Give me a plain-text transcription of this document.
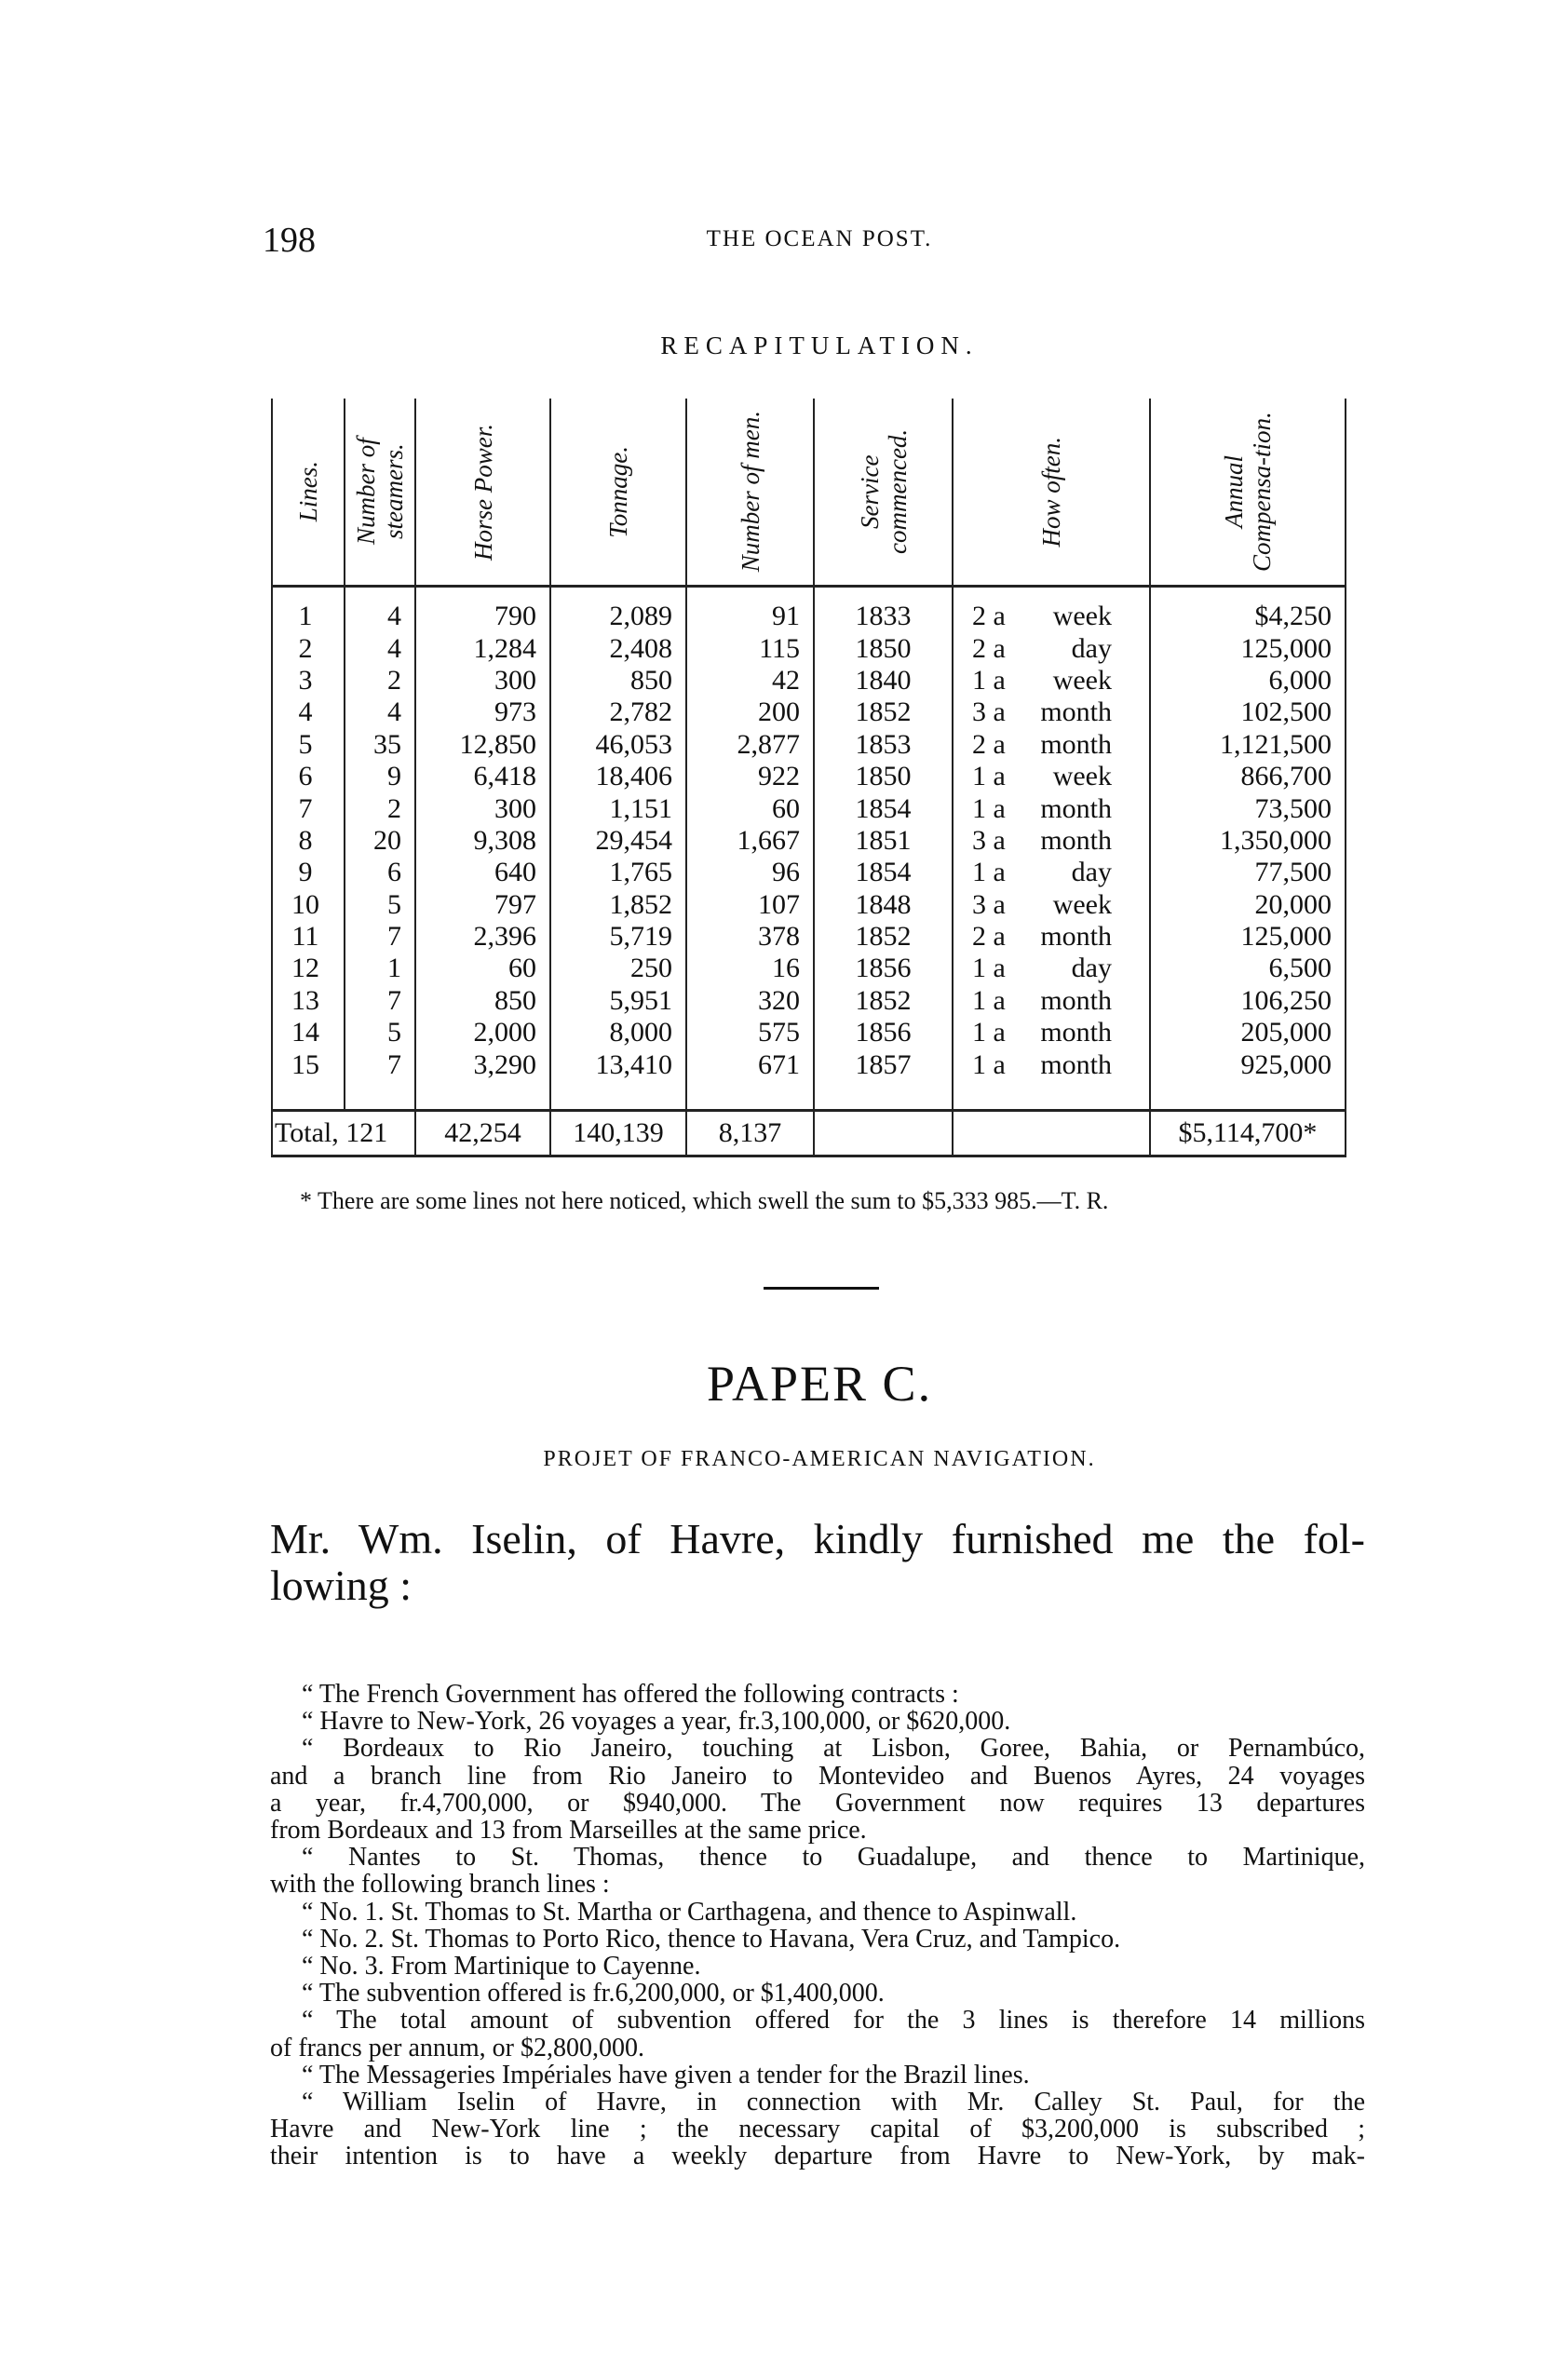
198	THE OCEAN POST.
RECAPITULATION.
Lines.	Number of steamers.	Horse Power.	Tonnage.	Number of men.	Service commenced.	How often.	Annual Compensa-tion.

1	4	790	2,089	91	1833	2 a week	$4,250
2	4	1,284	2,408	115	1850	2 a day	125,000
3	2	300	850	42	1840	1 a week	6,000
4	4	973	2,782	200	1852	3 a month	102,500
5	35	12,850	46,053	2,877	1853	2 a month	1,121,500
6	9	6,418	18,406	922	1850	1 a week	866,700
7	2	300	1,151	60	1854	1 a month	73,500
8	20	9,308	29,454	1,667	1851	3 a month	1,350,000
9	6	640	1,765	96	1854	1 a day	77,500
10	5	797	1,852	107	1848	3 a week	20,000
11	7	2,396	5,719	378	1852	2 a month	125,000
12	1	60	250	16	1856	1 a day	6,500
13	7	850	5,951	320	1852	1 a month	106,250
14	5	2,000	8,000	575	1856	1 a month	205,000
15	7	3,290	13,410	671	1857	1 a month	925,000
Total, 121		42,254	140,139	8,137			$5,114,700*
* There are some lines not here noticed, which swell the sum to $5,333 985.—T. R.
PAPER C.
PROJET OF FRANCO-AMERICAN NAVIGATION.
Mr. Wm. Iselin, of Havre, kindly furnished me the fol-
lowing :
“ The French Government has offered the following contracts :
“ Havre to New-York, 26 voyages a year, fr.3,100,000, or $620,000.
“ Bordeaux to Rio Janeiro, touching at Lisbon, Goree, Bahia, or Pernambúco,
and a branch line from Rio Janeiro to Montevideo and Buenos Ayres, 24 voyages
a year, fr.4,700,000, or $940,000. The Government now requires 13 departures
from Bordeaux and 13 from Marseilles at the same price.
“ Nantes to St. Thomas, thence to Guadalupe, and thence to Martinique,
with the following branch lines :
“ No. 1. St. Thomas to St. Martha or Carthagena, and thence to Aspinwall.
“ No. 2. St. Thomas to Porto Rico, thence to Havana, Vera Cruz, and Tampico.
“ No. 3. From Martinique to Cayenne.
“ The subvention offered is fr.6,200,000, or $1,400,000.
“ The total amount of subvention offered for the 3 lines is therefore 14 millions
of francs per annum, or $2,800,000.
“ The Messageries Impériales have given a tender for the Brazil lines.
“ William Iselin of Havre, in connection with Mr. Calley St. Paul, for the
Havre and New-York line ; the necessary capital of $3,200,000 is subscribed ;
their intention is to have a weekly departure from Havre to New-York, by mak-
